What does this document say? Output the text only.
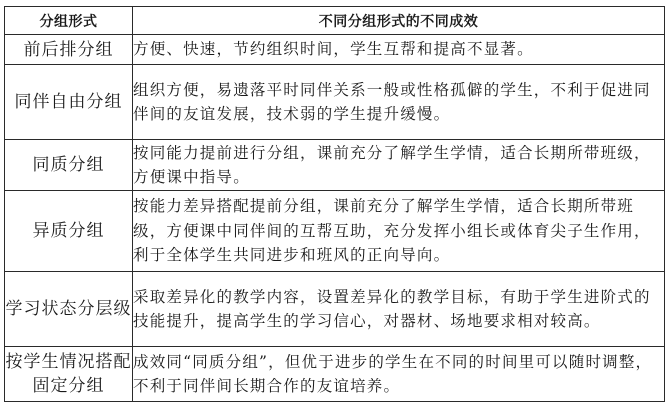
分组形式	不同分组形式的不同成效
前后排分组	方便、快速，节约组织时间，学生互帮和提高不显著。
同伴自由分组	组织方便，易遗落平时同伴关系一般或性格孤僻的学生，不利于促进同伴间的友谊发展，技术弱的学生提升缓慢。
同质分组	按同能力提前进行分组，课前充分了解学生学情，适合长期所带班级，方便课中指导。
异质分组	按能力差异搭配提前分组，课前充分了解学生学情，适合长期所带班级，方便课中同伴间的互帮互助，充分发挥小组长或体育尖子生作用，利于全体学生共同进步和班风的正向导向。
学习状态分层级	采取差异化的教学内容，设置差异化的教学目标，有助于学生进阶式的技能提升，提高学生的学习信心，对器材、场地要求相对较高。
按学生情况搭配固定分组	成效同“同质分组”，但优于进步的学生在不同的时间里可以随时调整，不利于同伴间长期合作的友谊培养。
